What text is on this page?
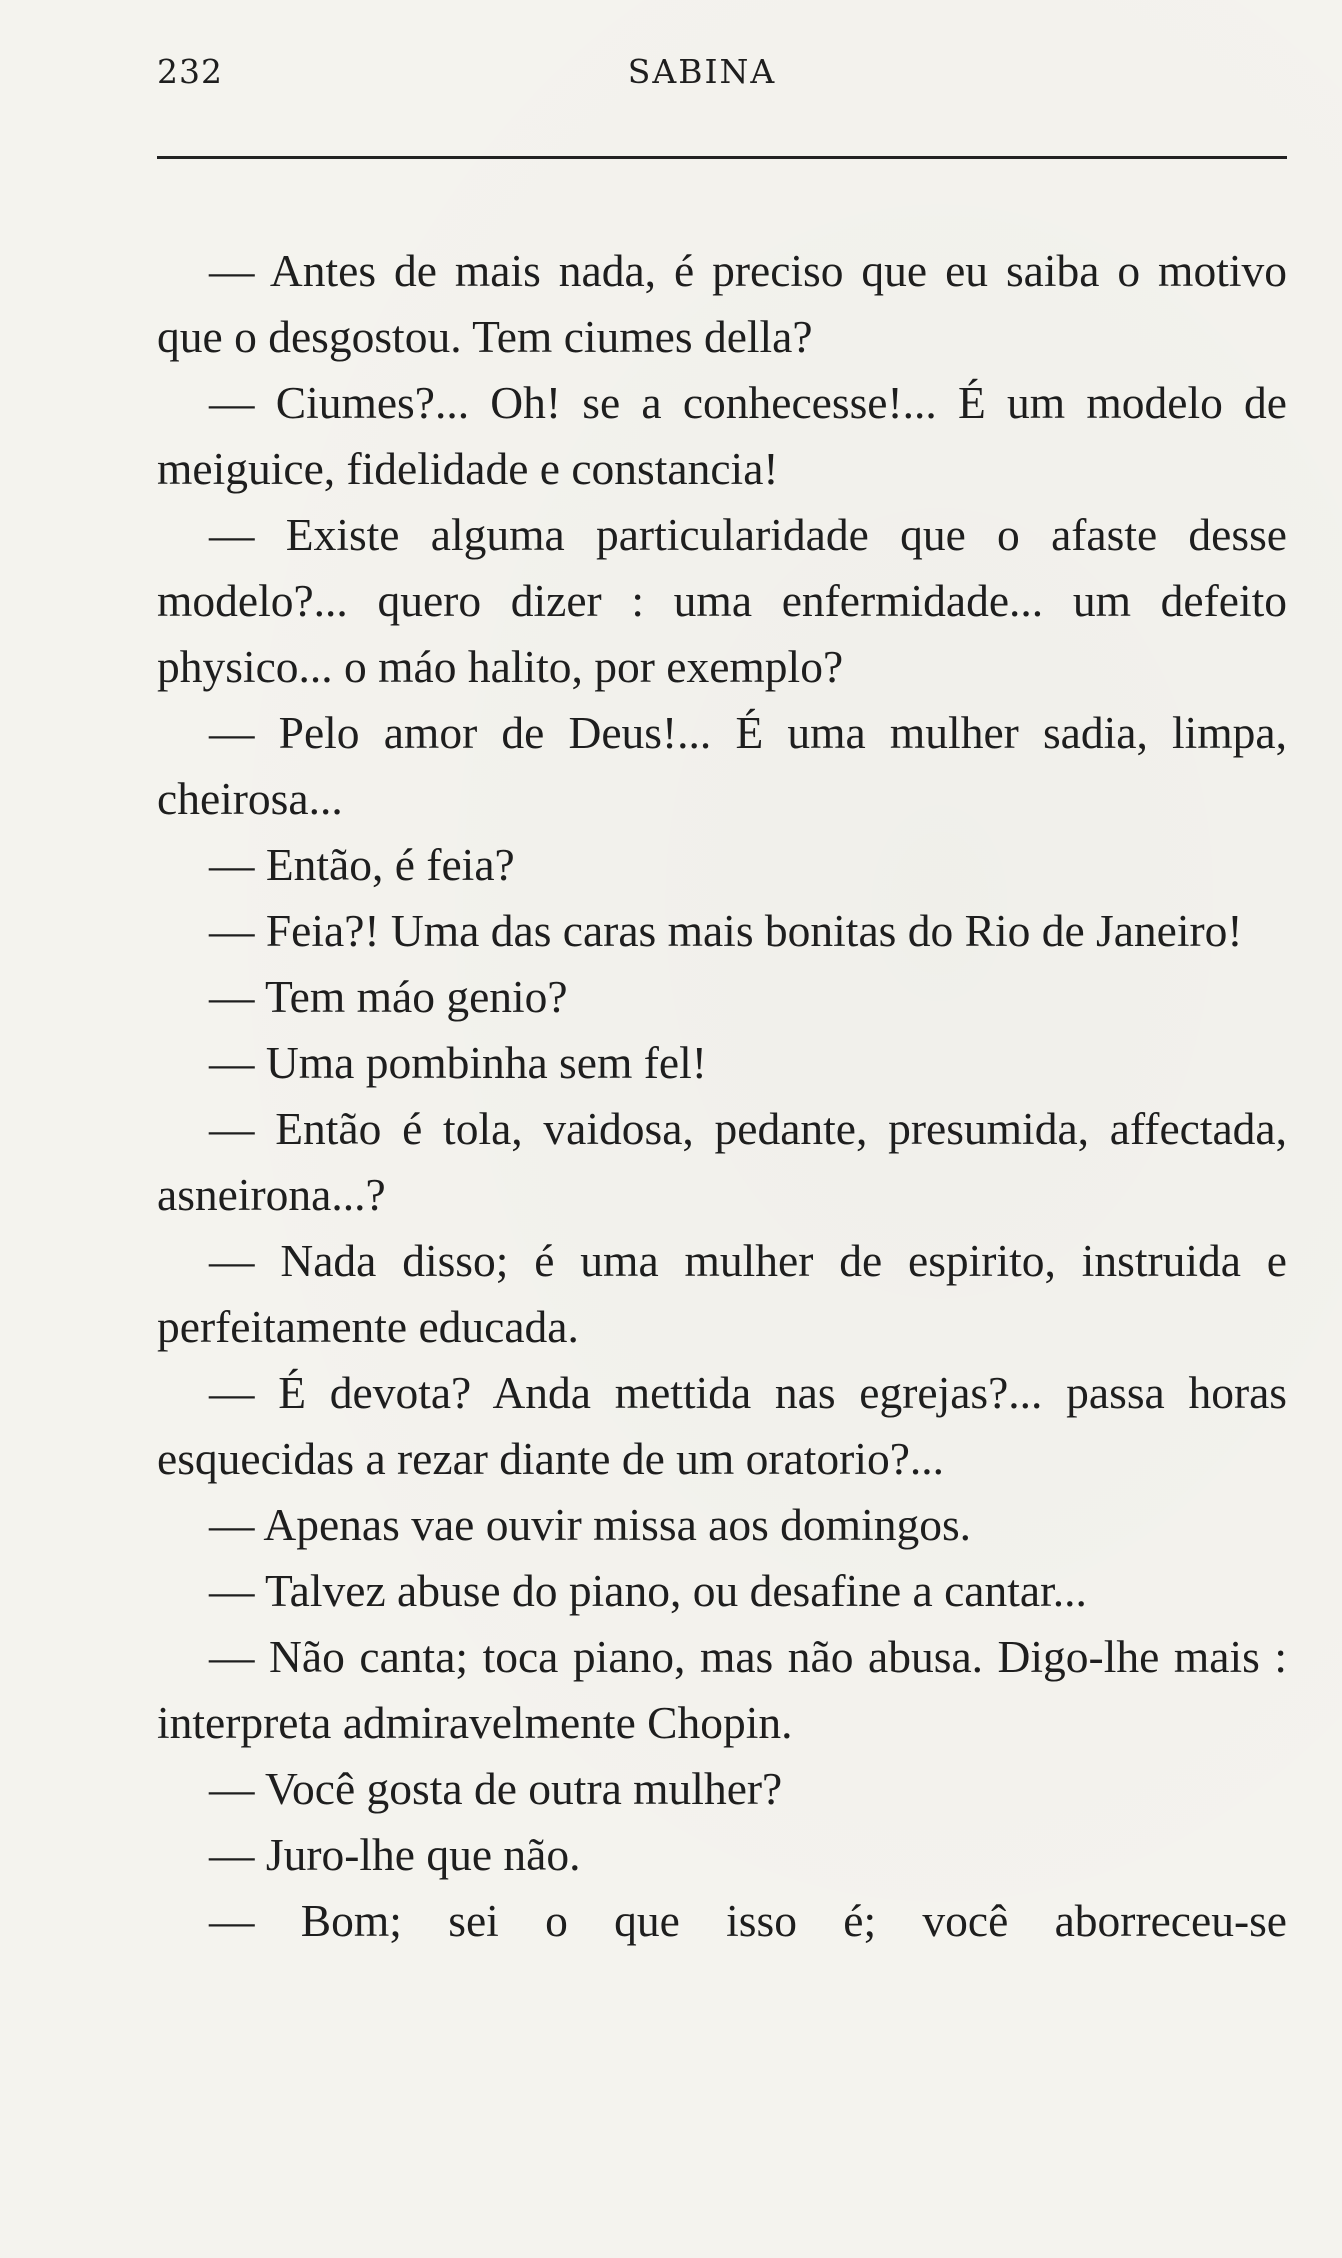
232	SABINA

— Antes de mais nada, é preciso que eu saiba o motivo que o desgostou. Tem ciumes della?

— Ciumes?... Oh! se a conhecesse!... É um modelo de meiguice, fidelidade e constancia!

— Existe alguma particularidade que o afaste desse modelo?... quero dizer : uma enfermidade... um defeito physico... o máo halito, por exemplo?

— Pelo amor de Deus!... É uma mulher sadia, limpa, cheirosa...

— Então, é feia?

— Feia?! Uma das caras mais bonitas do Rio de Janeiro!

— Tem máo genio?

— Uma pombinha sem fel!

— Então é tola, vaidosa, pedante, presumida, affectada, asneirona...?

— Nada disso; é uma mulher de espirito, instruida e perfeitamente educada.

— É devota? Anda mettida nas egrejas?... passa horas esquecidas a rezar diante de um oratorio?...

— Apenas vae ouvir missa aos domingos.

— Talvez abuse do piano, ou desafine a cantar...

— Não canta; toca piano, mas não abusa. Digo-lhe mais : interpreta admiravelmente Chopin.

— Você gosta de outra mulher?

— Juro-lhe que não.

— Bom; sei o que isso é; você aborreceu-se
